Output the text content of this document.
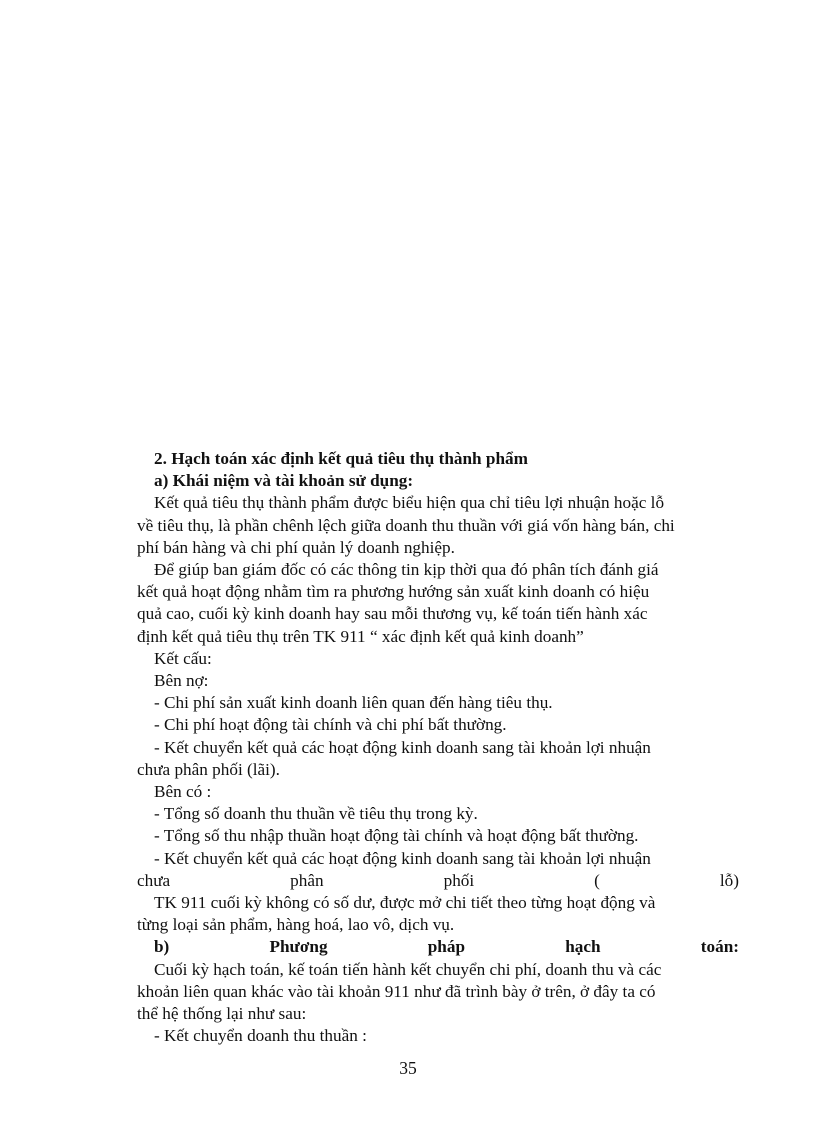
2. Hạch toán xác định kết quả tiêu thụ thành phẩm

a) Khái niệm và tài khoản sử dụng:

Kết quả tiêu thụ thành phẩm được biểu hiện qua chỉ tiêu lợi nhuận hoặc lỗ

về tiêu thụ, là phần chênh lệch giữa doanh thu thuần với giá vốn hàng bán, chi

phí bán hàng và chi phí quản lý doanh nghiệp.

Để giúp ban giám đốc có các thông tin kịp thời qua đó phân tích đánh giá

kết quả hoạt động nhằm tìm ra phương hướng sản xuất kinh doanh có hiệu

quả cao, cuối kỳ kinh doanh hay sau mỗi thương vụ, kế toán tiến hành xác

định kết quả tiêu thụ trên TK 911 “ xác định kết quả kinh doanh”

Kết cấu:

Bên nợ:

- Chi phí sản xuất kinh doanh liên quan đến hàng tiêu thụ.

- Chi phí hoạt động tài chính và chi phí bất thường.

- Kết chuyển kết quả các hoạt động kinh doanh sang tài khoản lợi nhuận

chưa phân phối (lãi).

Bên có :

- Tổng số doanh thu thuần về tiêu thụ trong kỳ.

- Tổng số thu nhập thuần hoạt động tài chính và hoạt động bất thường.

- Kết chuyển kết quả các hoạt động kinh doanh sang tài khoản lợi nhuận

chưa	phân	phối	(	lỗ)

TK 911 cuối kỳ không có số dư, được mở chi tiết theo từng hoạt động và

từng loại sản phẩm, hàng hoá, lao vô, dịch vụ.

b)	Phương	pháp	hạch	toán:

Cuối kỳ hạch toán, kế toán tiến hành kết chuyển chi phí, doanh thu và các

khoản liên quan khác vào tài khoản 911 như đã trình bày ở trên, ở đây ta có

thể hệ thống lại như sau:

- Kết chuyển doanh thu thuần :

35
